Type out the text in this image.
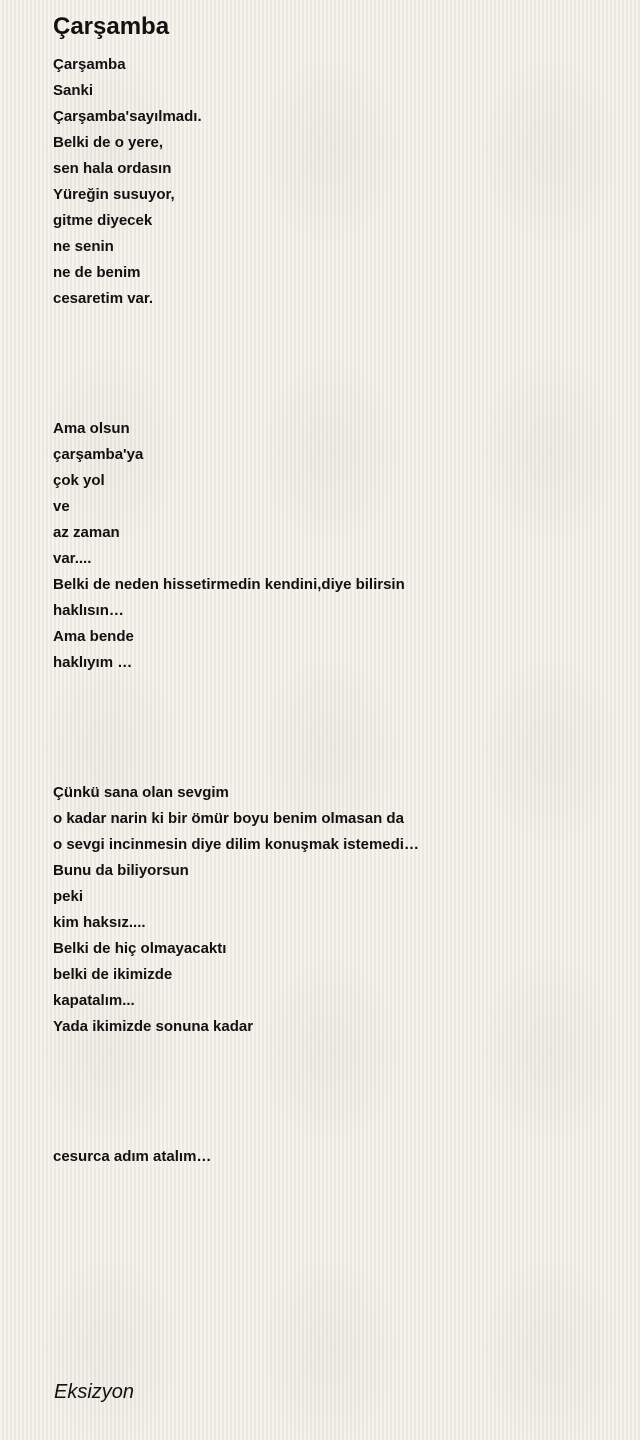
Çarşamba
Çarşamba
Sanki
Çarşamba'sayılmadı.
Belki de o yere,
sen hala ordasın
Yüreğin susuyor,
gitme diyecek
ne senin
ne de benim
cesaretim var.
Ama olsun
çarşamba'ya
çok yol
ve
az zaman
var....
Belki de neden hissetirmedin kendini,diye bilirsin
haklısın…
Ama bende
haklıyım …
Çünkü sana olan sevgim
o kadar narin ki bir ömür boyu benim olmasan da
o sevgi incinmesin diye dilim konuşmak istemedi…
Bunu da biliyorsun
peki
kim haksız....
Belki de hiç olmayacaktı
belki de ikimizde
kapatalım...
Yada ikimizde sonuna kadar
cesurca adım atalım…
Eksizyon
